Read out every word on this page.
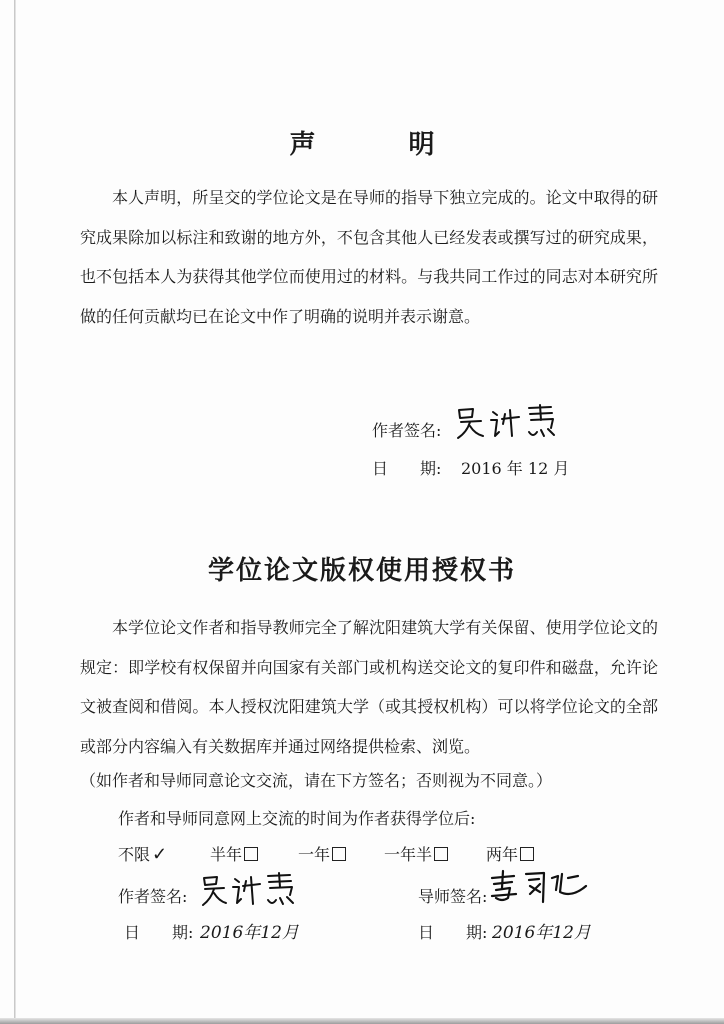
声 明

本人声明，所呈交的学位论文是在导师的指导下独立完成的。论文中取得的研究成果除加以标注和致谢的地方外，不包含其他人已经发表或撰写过的研究成果，也不包括本人为获得其他学位而使用过的材料。与我共同工作过的同志对本研究所做的任何贡献均已在论文中作了明确的说明并表示谢意。

作者签名:
日　　期: 2016 年 12 月
学位论文版权使用授权书

本学位论文作者和指导教师完全了解沈阳建筑大学有关保留、使用学位论文的规定：即学校有权保留并向国家有关部门或机构送交论文的复印件和磁盘，允许论文被查阅和借阅。本人授权沈阳建筑大学（或其授权机构）可以将学位论文的全部或部分内容编入有关数据库并通过网络提供检索、浏览。

（如作者和导师同意论文交流，请在下方签名；否则视为不同意。）
作者和导师同意网上交流的时间为作者获得学位后:
不限 ✓	半年	一年	一年半	两年
作者签名:	导师签名:
日　　期: 2016年12月	日　　期: 2016年12月
